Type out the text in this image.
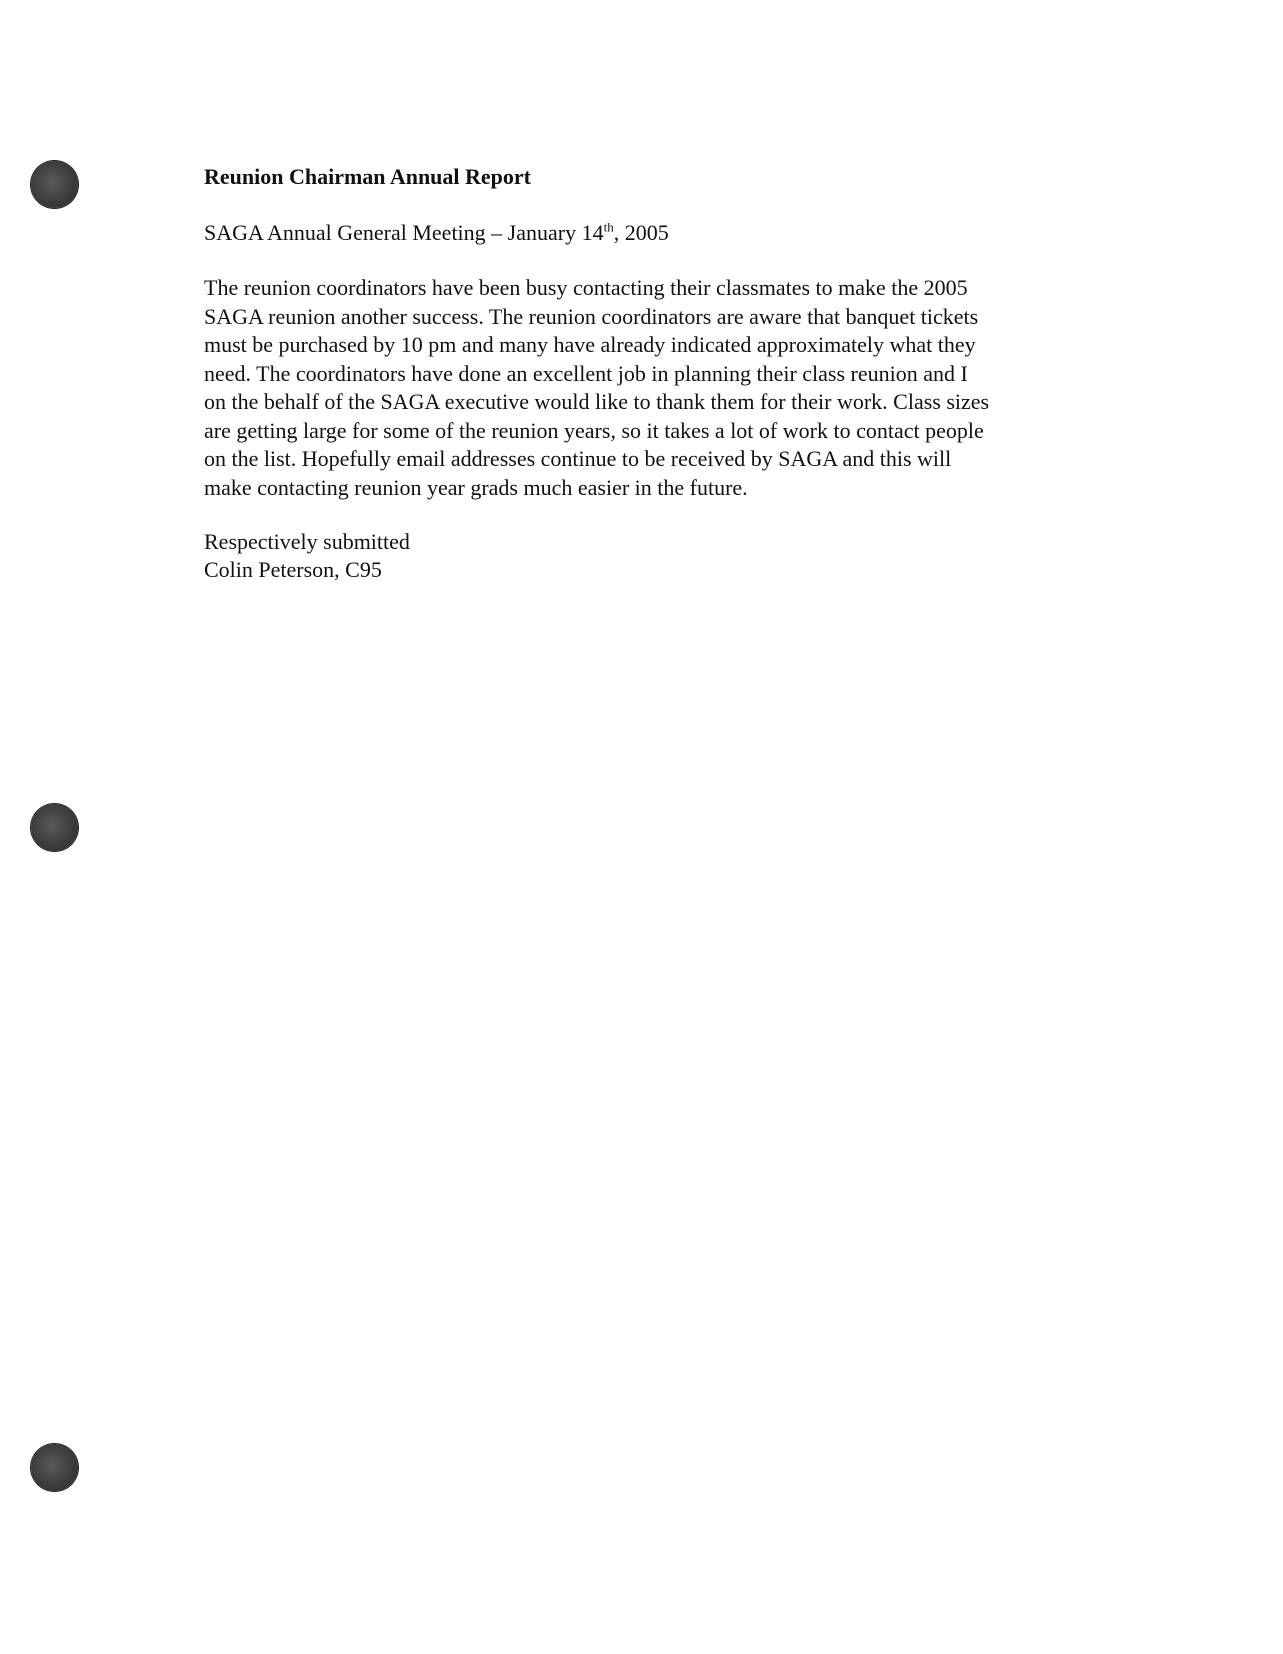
Reunion Chairman Annual Report

SAGA Annual General Meeting – January 14th, 2005

The reunion coordinators have been busy contacting their classmates to make the 2005
SAGA reunion another success. The reunion coordinators are aware that banquet tickets
must be purchased by 10 pm and many have already indicated approximately what they
need. The coordinators have done an excellent job in planning their class reunion and I
on the behalf of the SAGA executive would like to thank them for their work. Class sizes
are getting large for some of the reunion years, so it takes a lot of work to contact people
on the list. Hopefully email addresses continue to be received by SAGA and this will
make contacting reunion year grads much easier in the future.

Respectively submitted
Colin Peterson, C95
